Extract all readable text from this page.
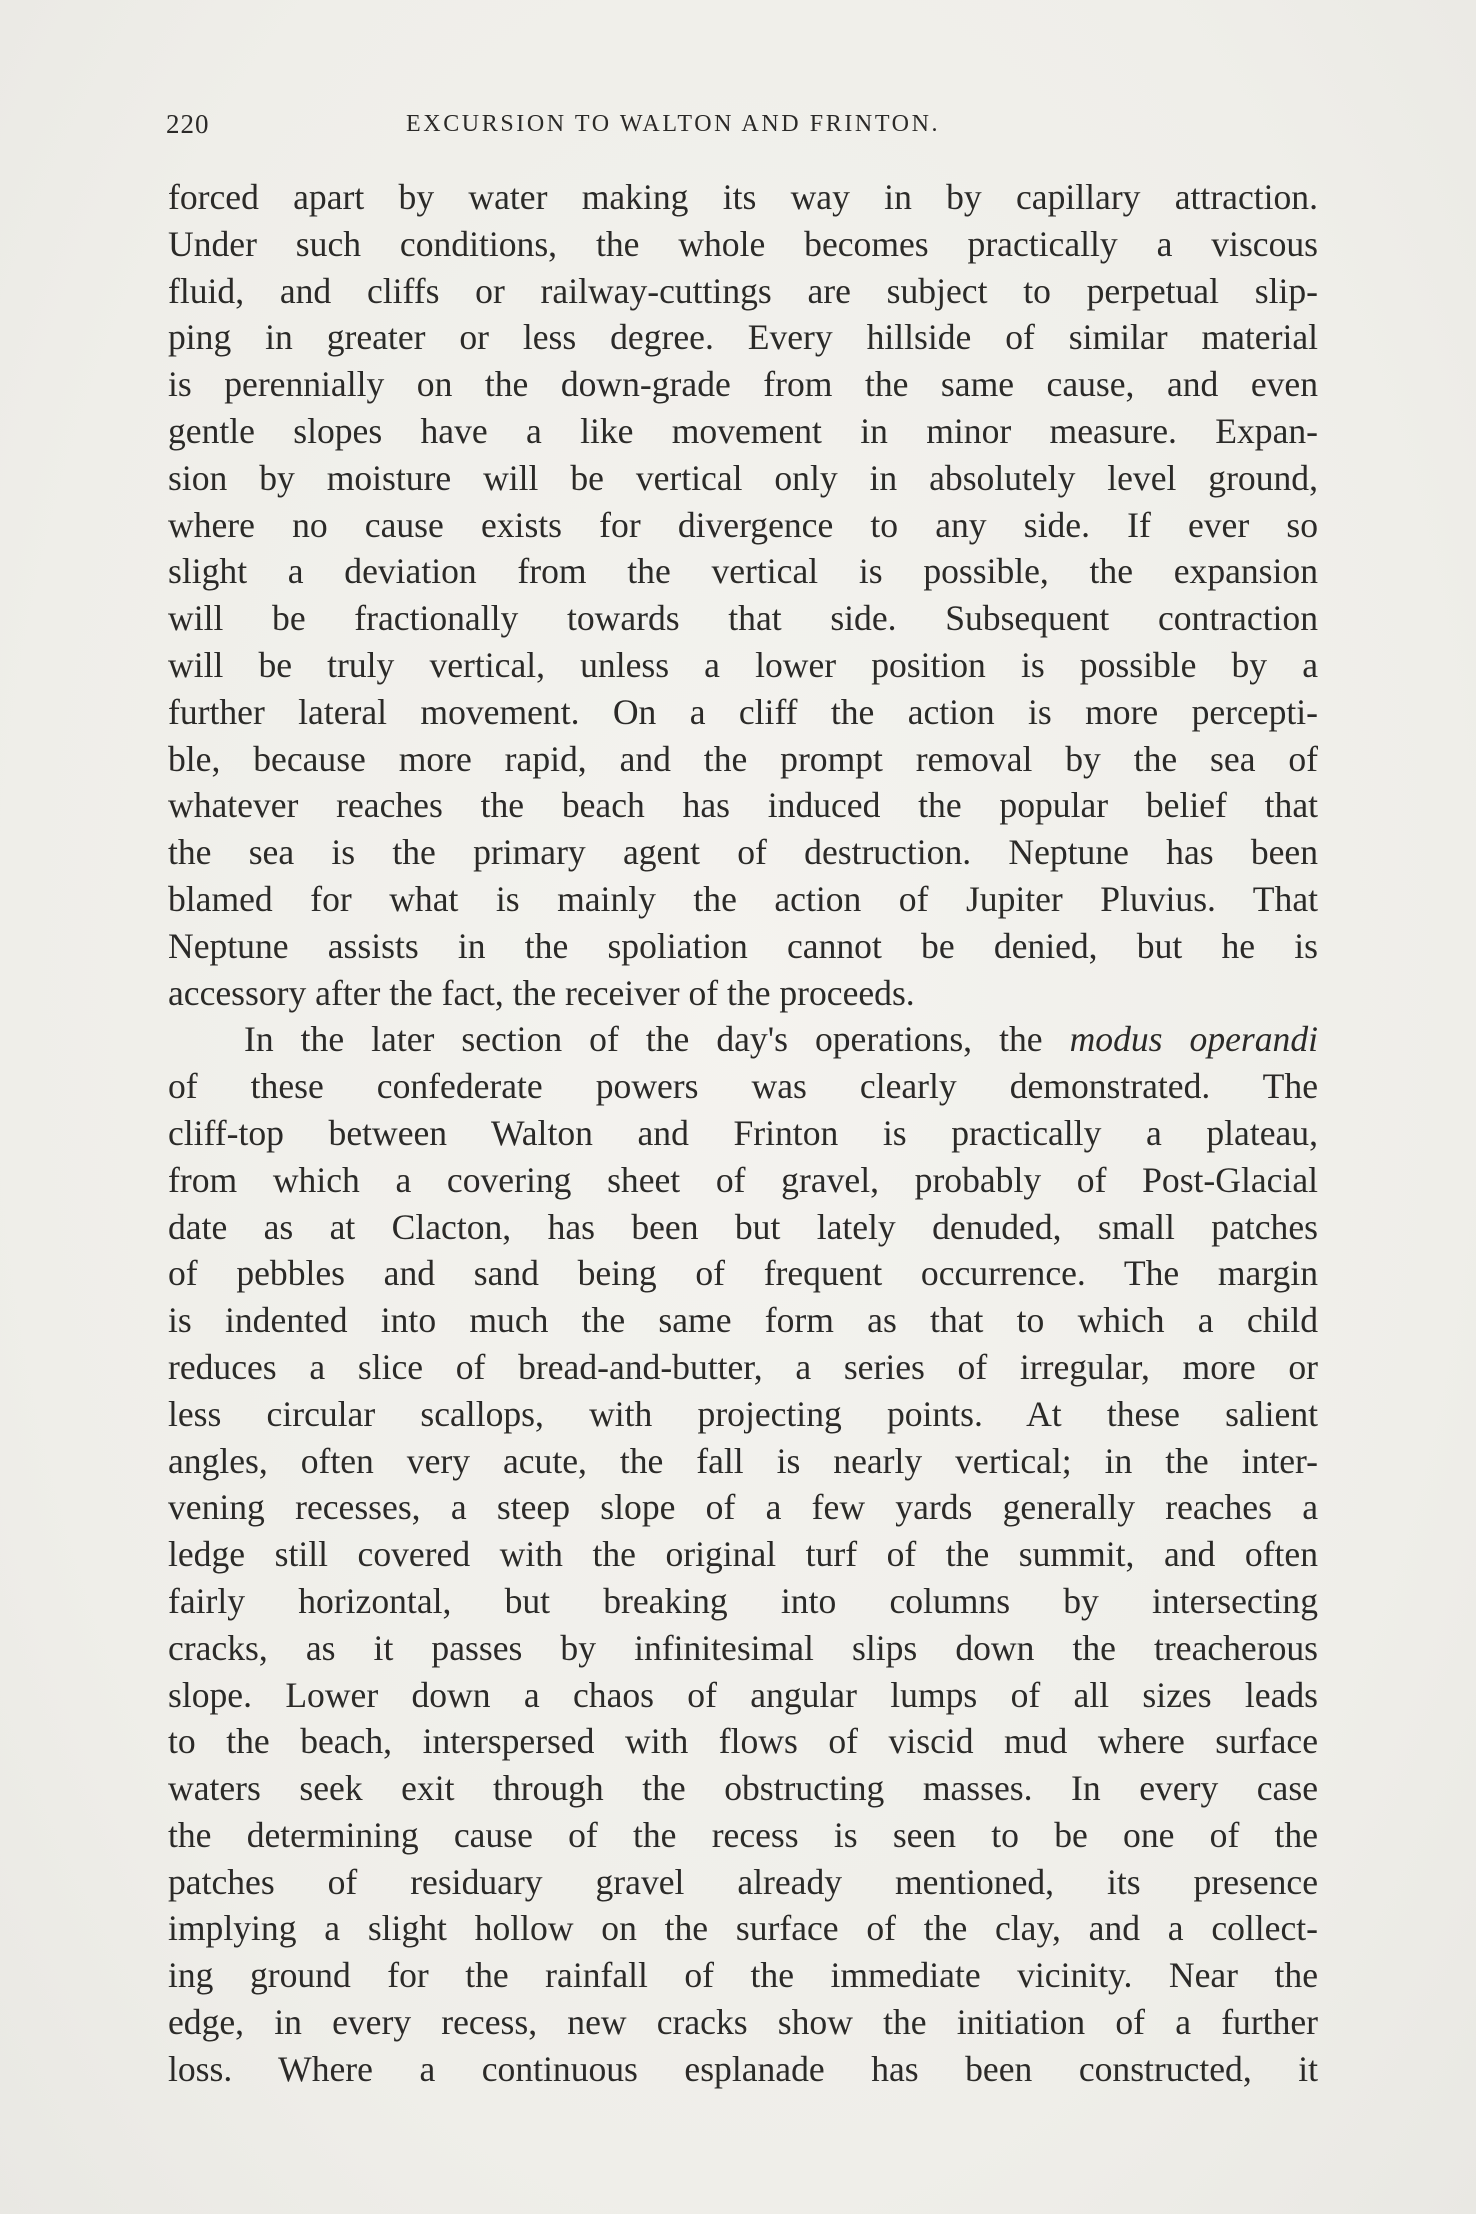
220	EXCURSION TO WALTON AND FRINTON.
forced apart by water making its way in by capillary attraction.
Under such conditions, the whole becomes practically a viscous
fluid, and cliffs or railway-cuttings are subject to perpetual slip-
ping in greater or less degree. Every hillside of similar material
is perennially on the down-grade from the same cause, and even
gentle slopes have a like movement in minor measure. Expan-
sion by moisture will be vertical only in absolutely level ground,
where no cause exists for divergence to any side. If ever so
slight a deviation from the vertical is possible, the expansion
will be fractionally towards that side. Subsequent contraction
will be truly vertical, unless a lower position is possible by a
further lateral movement. On a cliff the action is more percepti-
ble, because more rapid, and the prompt removal by the sea of
whatever reaches the beach has induced the popular belief that
the sea is the primary agent of destruction. Neptune has been
blamed for what is mainly the action of Jupiter Pluvius. That
Neptune assists in the spoliation cannot be denied, but he is
accessory after the fact, the receiver of the proceeds.
In the later section of the day's operations, the modus operandi
of these confederate powers was clearly demonstrated. The
cliff-top between Walton and Frinton is practically a plateau,
from which a covering sheet of gravel, probably of Post-Glacial
date as at Clacton, has been but lately denuded, small patches
of pebbles and sand being of frequent occurrence. The margin
is indented into much the same form as that to which a child
reduces a slice of bread-and-butter, a series of irregular, more or
less circular scallops, with projecting points. At these salient
angles, often very acute, the fall is nearly vertical; in the inter-
vening recesses, a steep slope of a few yards generally reaches a
ledge still covered with the original turf of the summit, and often
fairly horizontal, but breaking into columns by intersecting
cracks, as it passes by infinitesimal slips down the treacherous
slope. Lower down a chaos of angular lumps of all sizes leads
to the beach, interspersed with flows of viscid mud where surface
waters seek exit through the obstructing masses. In every case
the determining cause of the recess is seen to be one of the
patches of residuary gravel already mentioned, its presence
implying a slight hollow on the surface of the clay, and a collect-
ing ground for the rainfall of the immediate vicinity. Near the
edge, in every recess, new cracks show the initiation of a further
loss. Where a continuous esplanade has been constructed, it
